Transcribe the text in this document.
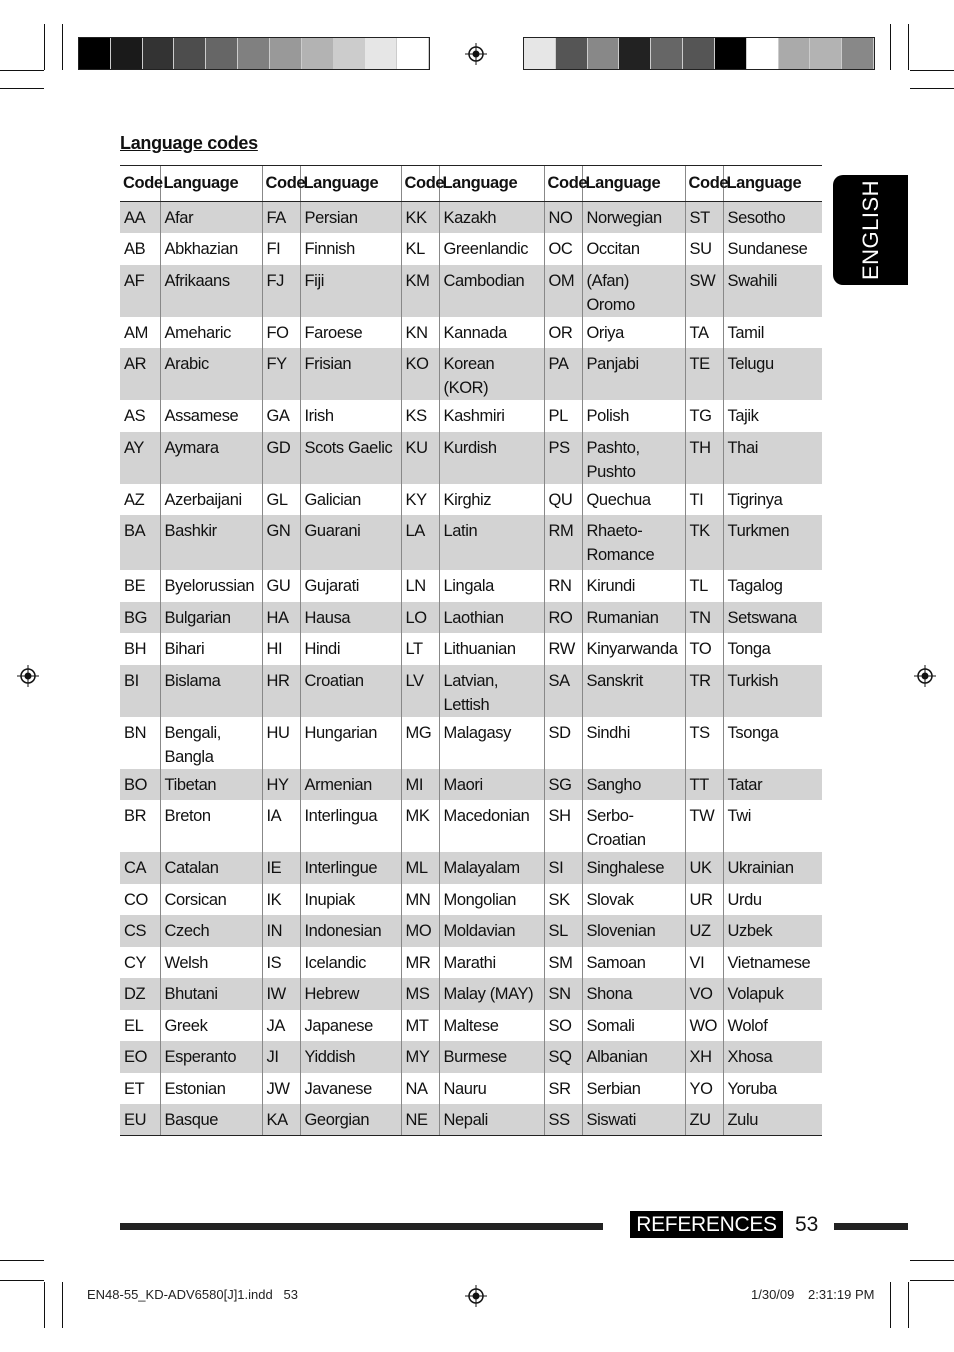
Language codes
Code	Language	Code	Language	Code	Language	Code	Language	Code	Language
AA	Afar	FA	Persian	KK	Kazakh	NO	Norwegian	ST	Sesotho
AB	Abkhazian	FI	Finnish	KL	Greenlandic	OC	Occitan	SU	Sundanese
AF	Afrikaans	FJ	Fiji	KM	Cambodian	OM	(Afan) Oromo	SW	Swahili
AM	Ameharic	FO	Faroese	KN	Kannada	OR	Oriya	TA	Tamil
AR	Arabic	FY	Frisian	KO	Korean (KOR)	PA	Panjabi	TE	Telugu
AS	Assamese	GA	Irish	KS	Kashmiri	PL	Polish	TG	Tajik
AY	Aymara	GD	Scots Gaelic	KU	Kurdish	PS	Pashto, Pushto	TH	Thai
AZ	Azerbaijani	GL	Galician	KY	Kirghiz	QU	Quechua	TI	Tigrinya
BA	Bashkir	GN	Guarani	LA	Latin	RM	Rhaeto-Romance	TK	Turkmen
BE	Byelorussian	GU	Gujarati	LN	Lingala	RN	Kirundi	TL	Tagalog
BG	Bulgarian	HA	Hausa	LO	Laothian	RO	Rumanian	TN	Setswana
BH	Bihari	HI	Hindi	LT	Lithuanian	RW	Kinyarwanda	TO	Tonga
BI	Bislama	HR	Croatian	LV	Latvian, Lettish	SA	Sanskrit	TR	Turkish
BN	Bengali, Bangla	HU	Hungarian	MG	Malagasy	SD	Sindhi	TS	Tsonga
BO	Tibetan	HY	Armenian	MI	Maori	SG	Sangho	TT	Tatar
BR	Breton	IA	Interlingua	MK	Macedonian	SH	Serbo-Croatian	TW	Twi
CA	Catalan	IE	Interlingue	ML	Malayalam	SI	Singhalese	UK	Ukrainian
CO	Corsican	IK	Inupiak	MN	Mongolian	SK	Slovak	UR	Urdu
CS	Czech	IN	Indonesian	MO	Moldavian	SL	Slovenian	UZ	Uzbek
CY	Welsh	IS	Icelandic	MR	Marathi	SM	Samoan	VI	Vietnamese
DZ	Bhutani	IW	Hebrew	MS	Malay (MAY)	SN	Shona	VO	Volapuk
EL	Greek	JA	Japanese	MT	Maltese	SO	Somali	WO	Wolof
EO	Esperanto	JI	Yiddish	MY	Burmese	SQ	Albanian	XH	Xhosa
ET	Estonian	JW	Javanese	NA	Nauru	SR	Serbian	YO	Yoruba
EU	Basque	KA	Georgian	NE	Nepali	SS	Siswati	ZU	Zulu
ENGLISH
REFERENCES 53
EN48-55_KD-ADV6580[J]1.indd   53	1/30/09 2:31:19 PM
